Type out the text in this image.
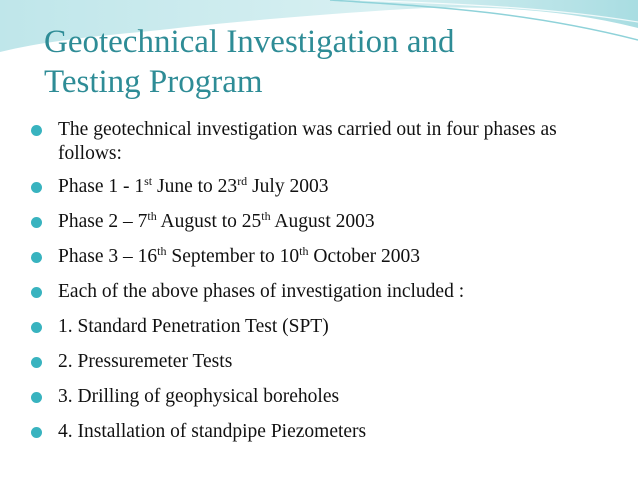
Geotechnical Investigation and
Testing Program
The geotechnical investigation was carried out in four phases as follows:
Phase 1 - 1st June to 23rd July 2003
Phase 2 – 7th August to 25th August 2003
Phase 3 – 16th September to 10th October 2003
Each of the above phases of investigation included :
1. Standard Penetration Test (SPT)
2. Pressuremeter Tests
3. Drilling of geophysical boreholes
4. Installation of standpipe Piezometers
